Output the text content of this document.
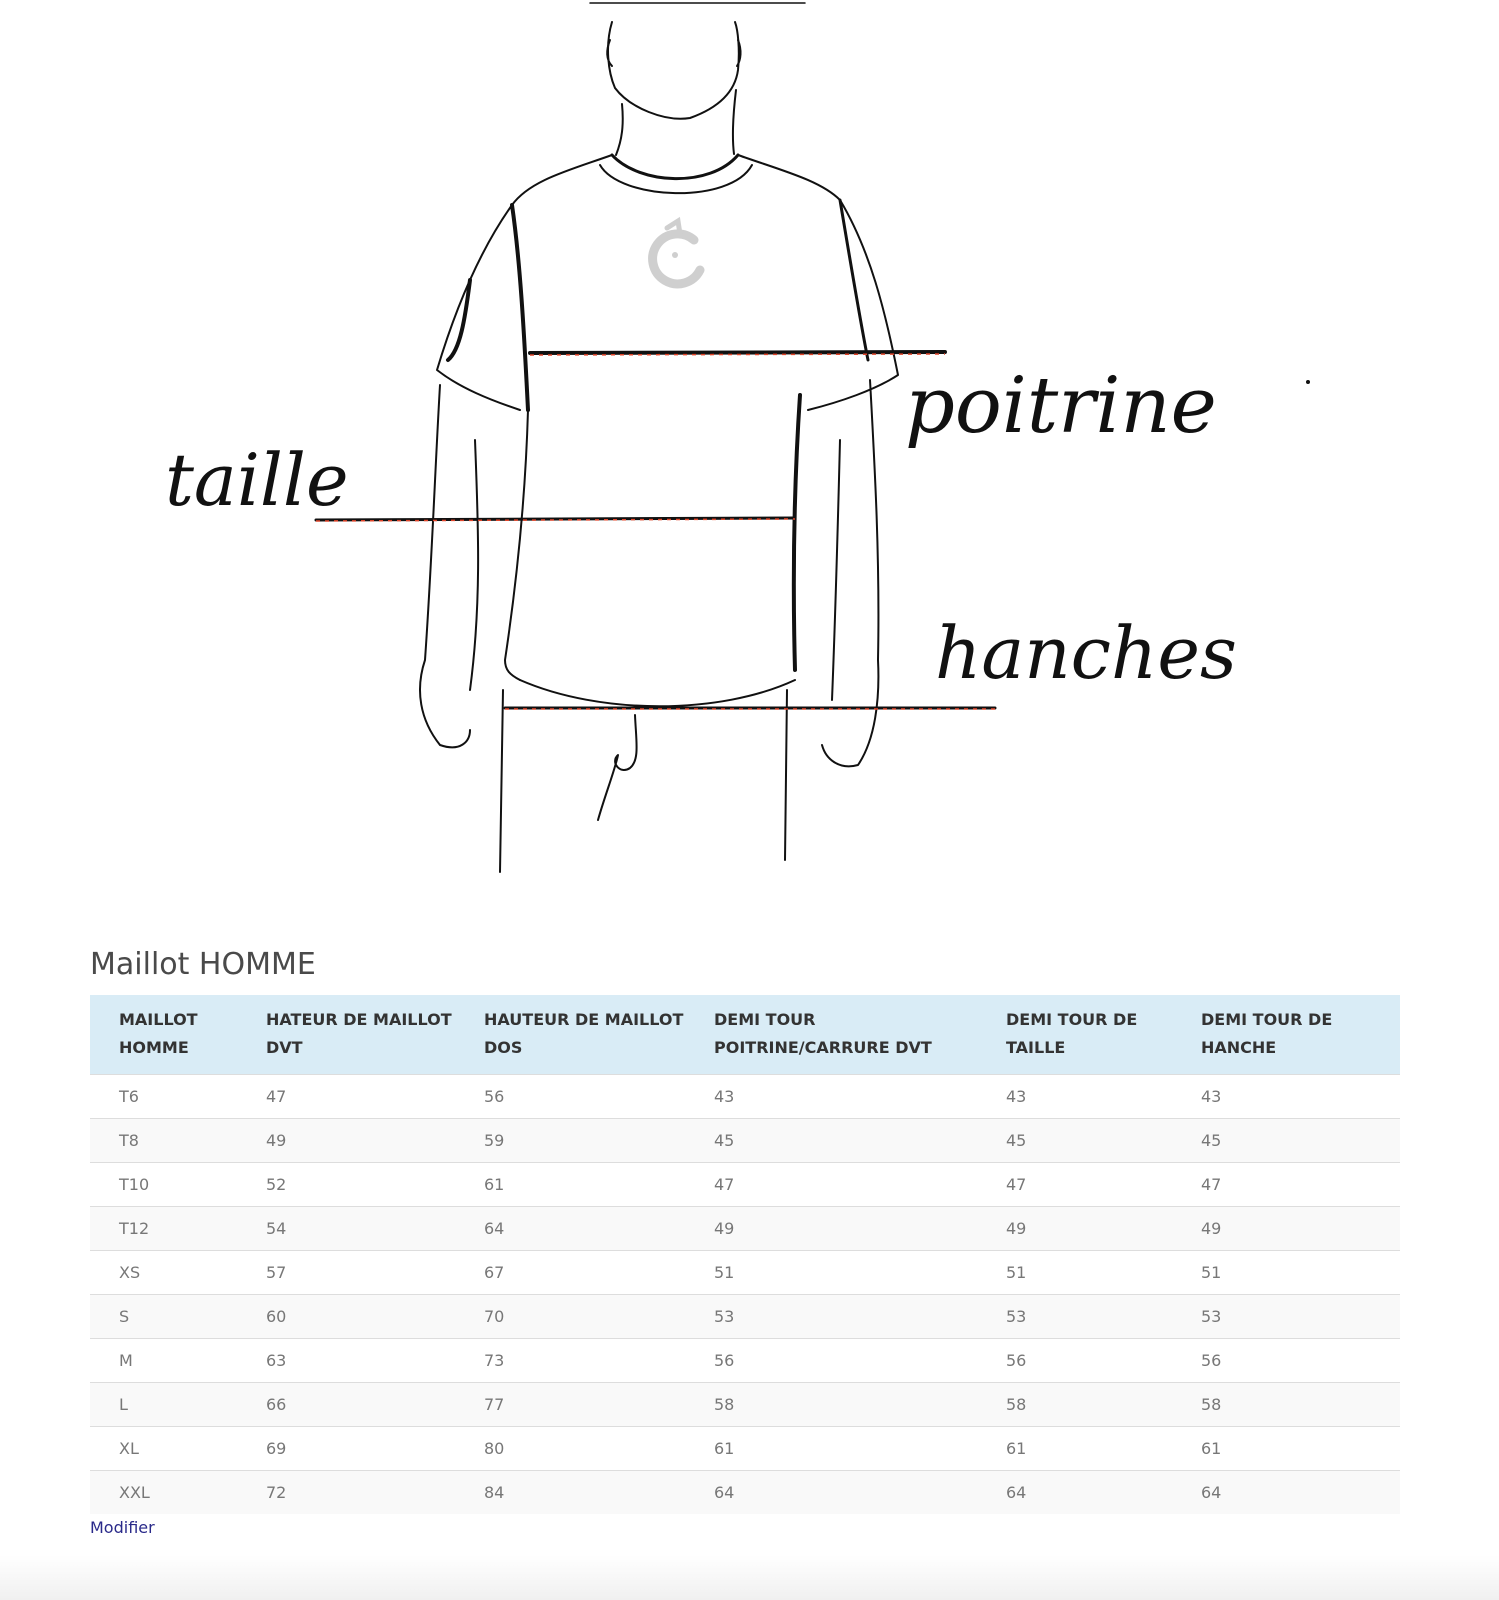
poitrine
taille
hanches
Maillot HOMME
MAILLOT HOMME	HATEUR DE MAILLOT DVT	HAUTEUR DE MAILLOT DOS	DEMI TOUR POITRINE/CARRURE DVT	DEMI TOUR DE TAILLE	DEMI TOUR DE HANCHE
T6	47	56	43	43	43
T8	49	59	45	45	45
T10	52	61	47	47	47
T12	54	64	49	49	49
XS	57	67	51	51	51
S	60	70	53	53	53
M	63	73	56	56	56
L	66	77	58	58	58
XL	69	80	61	61	61
XXL	72	84	64	64	64
Modifier
